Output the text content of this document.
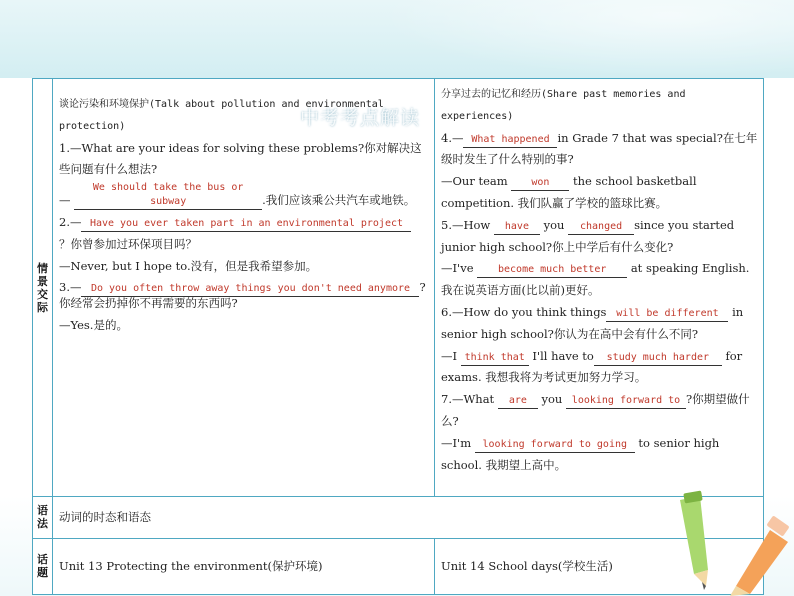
情景交际
语法
话题
谈论污染和环境保护(Talk about pollution and environmental protection)
1.—What are your ideas for solving these problems?你对解决这些问题有什么想法?
— We should take the bus or subway	.我们应该乘公共汽车或地铁。
2.— Have you ever taken part in an environmental project
？你曾参加过环保项目吗？
—Never, but I hope to.没有，但是我希望参加。
3.— Do you often throw away things you don't need anymore ?
你经常会扔掉你不再需要的东西吗?
—Yes.是的。
分享过去的记忆和经历(Share past memories and experiences)
4.— What happened in Grade 7 that was special?在七年级时发生了什么特别的事?
—Our team won the school basketball competition. 我们队赢了学校的篮球比赛。
5.—How have you changed since you started junior high school?你上中学后有什么变化?
—I've become much better at speaking English. 我在说英语方面(比以前)更好。
6.—How do you think things will be different in senior high school?你认为在高中会有什么不同?
—I think that I'll have to study much harder for exams. 我想我将为考试更加努力学习。
7.—What are you looking forward to ?你期望做什么?
—I'm looking forward to going to senior high school. 我期望上高中。
动词的时态和语态
Unit 13 Protecting the environment(保护环境)	Unit 14 School days(学校生活)
中考考点解读
